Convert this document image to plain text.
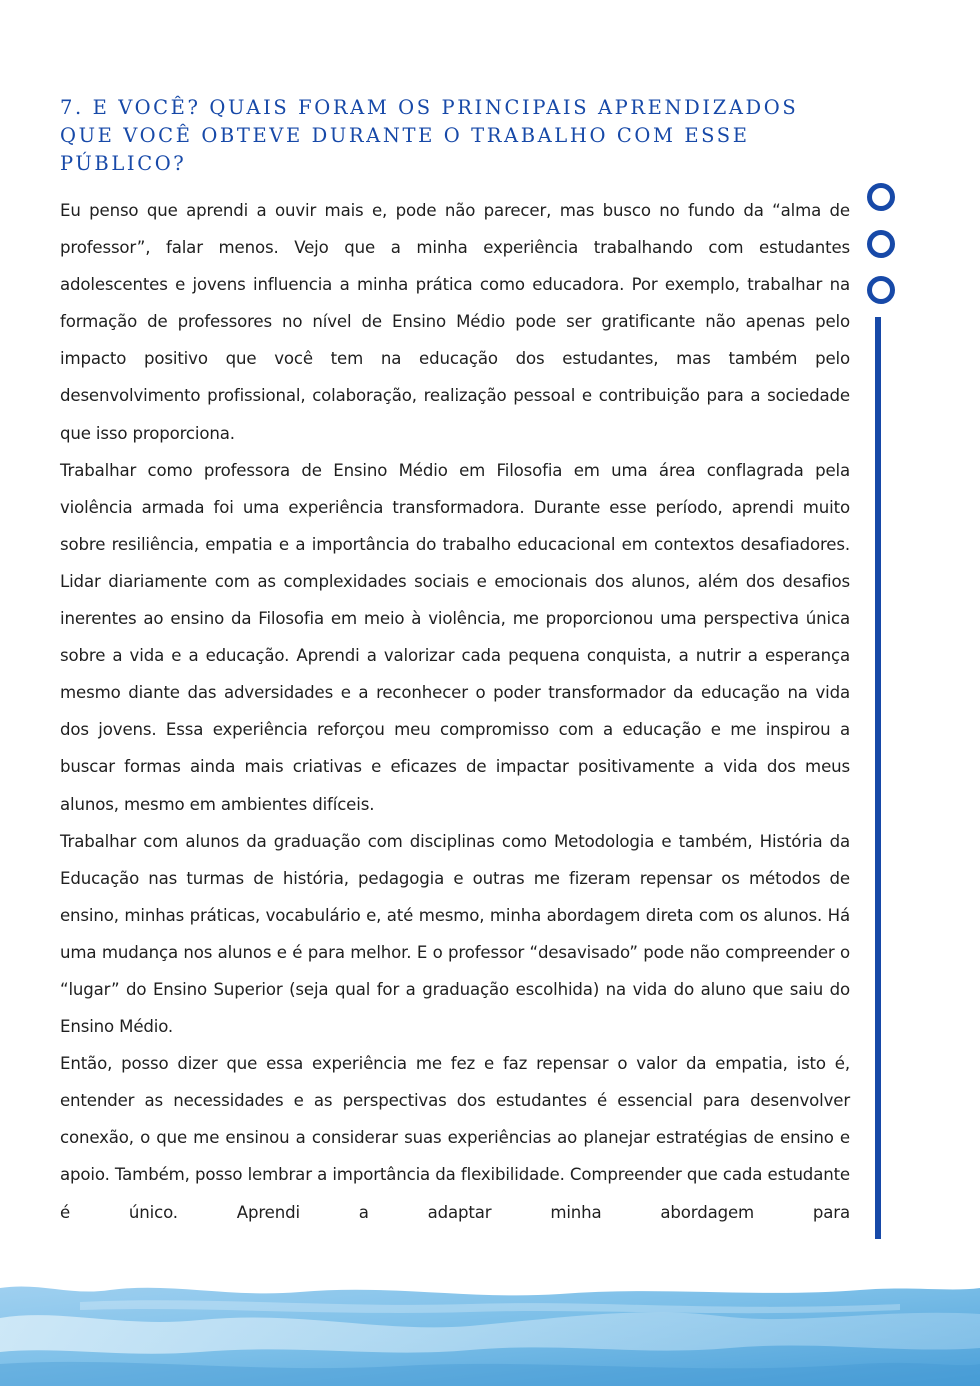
7. E VOCÊ? QUAIS FORAM OS PRINCIPAIS APRENDIZADOS QUE VOCÊ OBTEVE DURANTE O TRABALHO COM ESSE PÚBLICO?

Eu penso que aprendi a ouvir mais e, pode não parecer, mas busco no fundo da “alma de professor”, falar menos. Vejo que a minha experiência trabalhando com estudantes adolescentes e jovens influencia a minha prática como educadora. Por exemplo, trabalhar na formação de professores no nível de Ensino Médio pode ser gratificante não apenas pelo impacto positivo que você tem na educação dos estudantes, mas também pelo desenvolvimento profissional, colaboração, realização pessoal e contribuição para a sociedade que isso proporciona.

Trabalhar como professora de Ensino Médio em Filosofia em uma área conflagrada pela violência armada foi uma experiência transformadora. Durante esse período, aprendi muito sobre resiliência, empatia e a importância do trabalho educacional em contextos desafiadores. Lidar diariamente com as complexidades sociais e emocionais dos alunos, além dos desafios inerentes ao ensino da Filosofia em meio à violência, me proporcionou uma perspectiva única sobre a vida e a educação. Aprendi a valorizar cada pequena conquista, a nutrir a esperança mesmo diante das adversidades e a reconhecer o poder transformador da educação na vida dos jovens. Essa experiência reforçou meu compromisso com a educação e me inspirou a buscar formas ainda mais criativas e eficazes de impactar positivamente a vida dos meus alunos, mesmo em ambientes difíceis.

Trabalhar com alunos da graduação com disciplinas como Metodologia e também, História da Educação nas turmas de história, pedagogia e outras me fizeram repensar os métodos de ensino, minhas práticas, vocabulário e, até mesmo, minha abordagem direta com os alunos. Há uma mudança nos alunos e é para melhor. E o professor “desavisado” pode não compreender o “lugar” do Ensino Superior (seja qual for a graduação escolhida) na vida do aluno que saiu do Ensino Médio.

Então, posso dizer que essa experiência me fez e faz repensar o valor da empatia, isto é, entender as necessidades e as perspectivas dos estudantes é essencial para desenvolver conexão, o que me ensinou a considerar suas experiências ao planejar estratégias de ensino e apoio. Também, posso lembrar a importância da flexibilidade. Compreender que cada estudante é único. Aprendi a adaptar minha abordagem para
